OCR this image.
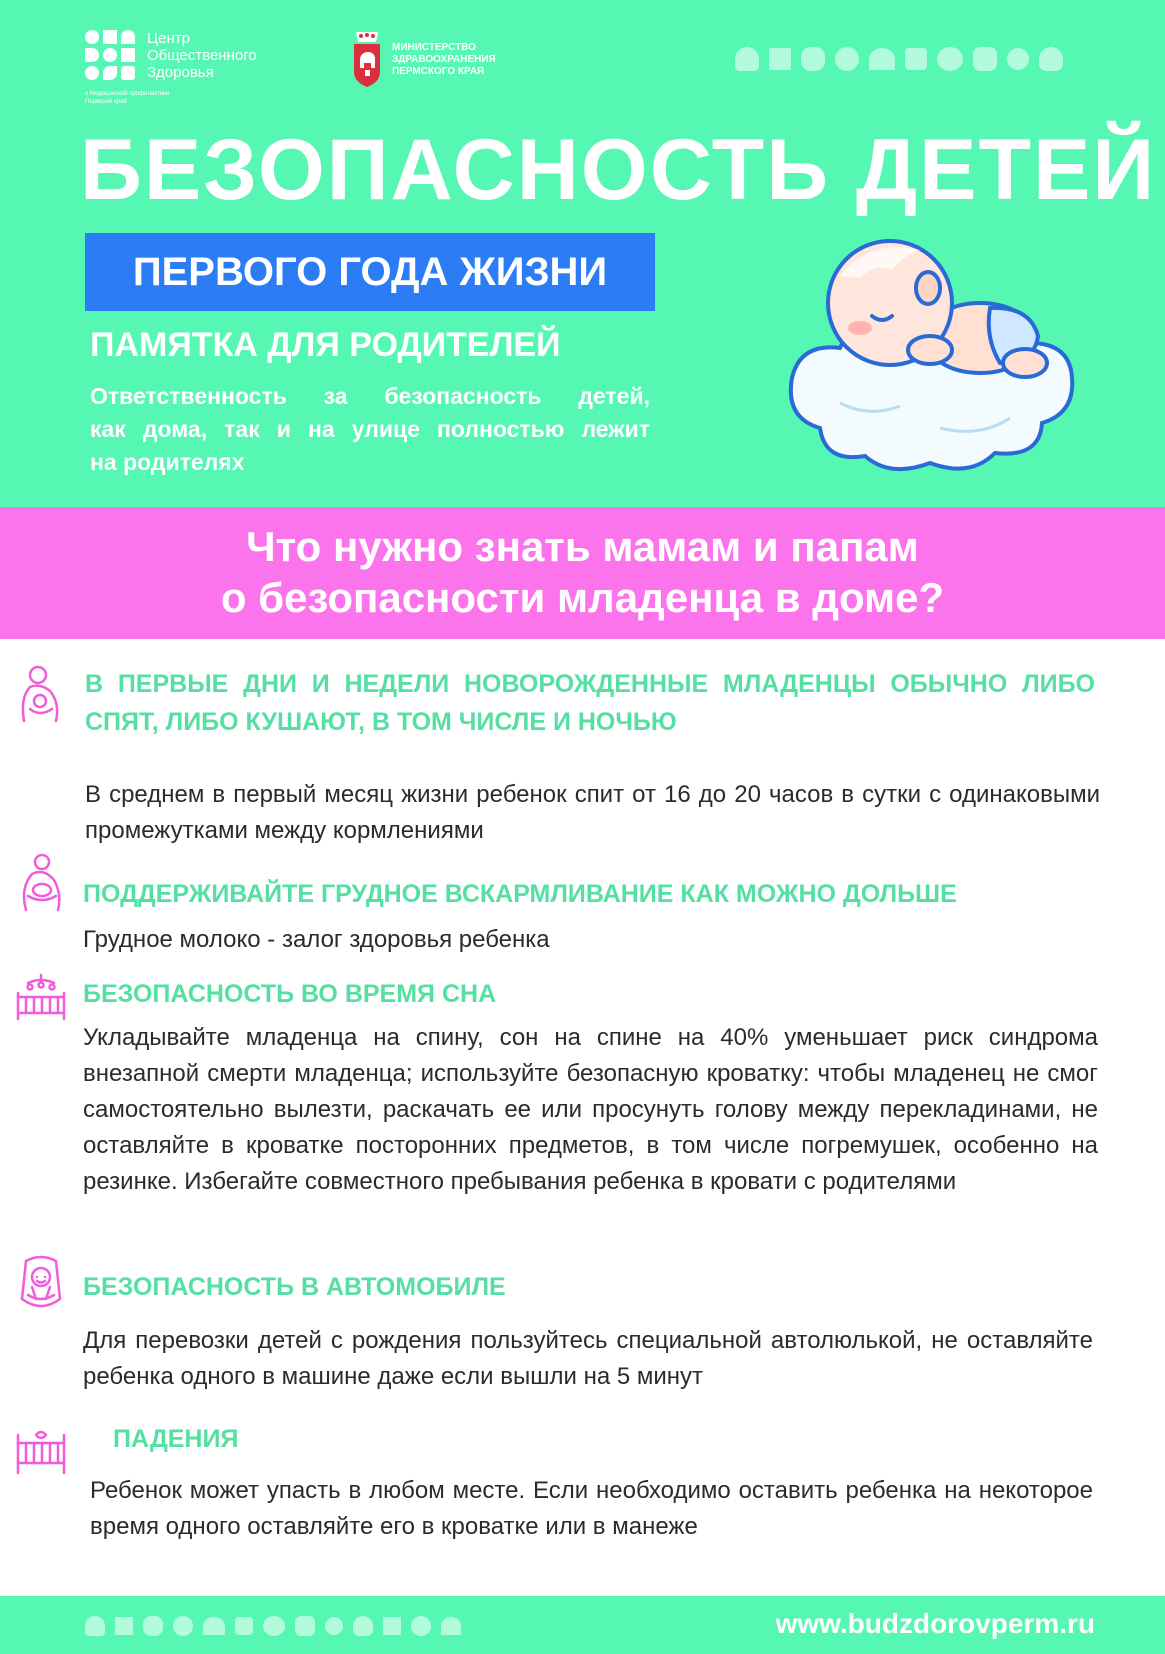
Центр
Общественного
Здоровья
и Медицинской профилактики
Пермский край
МИНИСТЕРСТВО
ЗДРАВООХРАНЕНИЯ
ПЕРМСКОГО КРАЯ
БЕЗОПАСНОСТЬ ДЕТЕЙ
ПЕРВОГО ГОДА ЖИЗНИ
ПАМЯТКА ДЛЯ РОДИТЕЛЕЙ
Ответственность за безопасность детей,
как дома, так и на улице полностью лежит
на родителях
Что нужно знать мамам и папам
о безопасности младенца в доме?
В ПЕРВЫЕ ДНИ И НЕДЕЛИ НОВОРОЖДЕННЫЕ МЛАДЕНЦЫ ОБЫЧНО ЛИБО СПЯТ, ЛИБО КУШАЮТ, В ТОМ ЧИСЛЕ И НОЧЬЮ
В среднем в первый месяц жизни ребенок спит от 16 до 20 часов в сутки с одинаковыми промежутками между кормлениями
ПОДДЕРЖИВАЙТЕ ГРУДНОЕ ВСКАРМЛИВАНИЕ КАК МОЖНО ДОЛЬШЕ
Грудное молоко - залог здоровья ребенка
БЕЗОПАСНОСТЬ ВО ВРЕМЯ СНА
Укладывайте младенца на спину, сон на спине на 40% уменьшает риск синдрома внезапной смерти младенца; используйте безопасную кроватку: чтобы младенец не смог самостоятельно вылезти, раскачать ее или просунуть голову между перекладинами, не оставляйте в кроватке посторонних предметов, в том числе погремушек, особенно на резинке. Избегайте совместного пребывания ребенка в кровати с родителями
БЕЗОПАСНОСТЬ В АВТОМОБИЛЕ
Для перевозки детей с рождения пользуйтесь специальной автолюлькой, не оставляйте ребенка одного в машине даже если вышли на 5 минут
ПАДЕНИЯ
Ребенок может упасть в любом месте. Если необходимо оставить ребенка на некоторое время одного оставляйте его в кроватке или в манеже
www.budzdorovperm.ru
